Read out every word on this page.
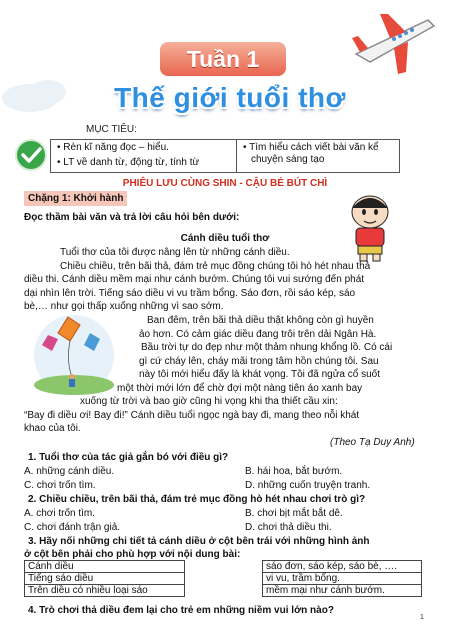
Tuần 1
Thế giới tuổi thơ
MỤC TIÊU:
• Rèn kĩ năng đọc – hiểu.
• LT về danh từ, động từ, tính từ
• Tìm hiểu cách viết bài văn kể
chuyện sáng tạo
PHIÊU LƯU CÙNG SHIN - CẬU BÉ BÚT CHÌ
Chặng 1: Khởi hành
Đọc thầm bài văn và trả lời câu hỏi bên dưới:
Cánh diều tuổi thơ
Tuổi thơ của tôi được nâng lên từ những cánh diều.
Chiều chiều, trên bãi thả, đám trẻ mục đồng chúng tôi hò hét nhau thả
diều thi. Cánh diều mềm mại như cánh bướm. Chúng tôi vui sướng đến phát
dại nhìn lên trời. Tiếng sáo diều vi vu trầm bổng. Sáo đơn, rồi sáo kép, sáo
bè,… như gọi thấp xuống những vì sao sớm.
Ban đêm, trên bãi thả diều thật không còn gì huyền
ảo hơn. Có cảm giác diều đang trôi trên dải Ngân Hà.
Bầu trời tự do đẹp như một thảm nhung khổng lồ. Có cái
gì cứ cháy lên, cháy mãi trong tâm hồn chúng tôi. Sau
này tôi mới hiểu đấy là khát vọng. Tôi đã ngửa cổ suốt
một thời mới lớn để chờ đợi một nàng tiên áo xanh bay
xuống từ trời và bao giờ cũng hi vọng khi tha thiết cầu xin:
“Bay đi diều ơi! Bay đi!” Cánh diều tuổi ngọc ngà bay đi, mang theo nỗi khát
khao của tôi.
(Theo Tạ Duy Anh)
1. Tuổi thơ của tác giả gắn bó với điều gì?
A. những cánh diều.	B. hái hoa, bắt bướm.
C. chơi trốn tìm.	D. những cuốn truyện tranh.
2. Chiều chiều, trên bãi thả, đám trẻ mục đồng hò hét nhau chơi trò gì?
A. chơi trốn tìm.	B. chơi bịt mắt bắt dê.
C. chơi đánh trận giả.	D. chơi thả diều thi.
3. Hãy nối những chi tiết tả cánh diều ở cột bên trái với những hình ảnh
ở cột bên phải cho phù hợp với nội dung bài:
Cánh diều		sáo đơn, sáo kép, sáo bè, ….
Tiếng sáo diều		vi vu, trầm bổng.
Trên diều có nhiều loại sáo		mềm mại như cánh bướm.
4. Trò chơi thả diều đem lại cho trẻ em những niềm vui lớn nào?
1
